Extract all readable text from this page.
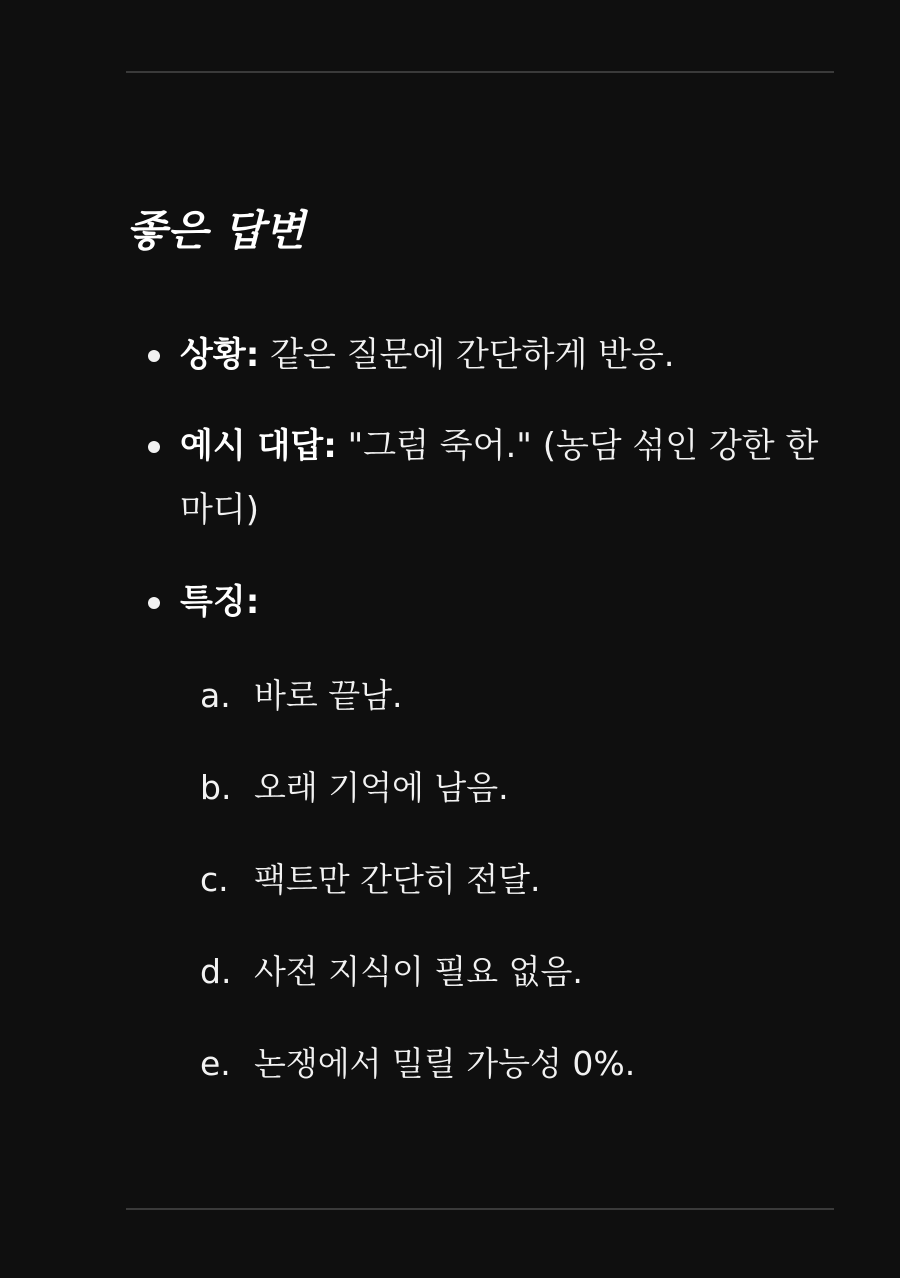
좋은 답변
상황: 같은 질문에 간단하게 반응.
예시 대답: "그럼 죽어." (농담 섞인 강한 한마디)
특징:
a. 바로 끝남.
b. 오래 기억에 남음.
c. 팩트만 간단히 전달.
d. 사전 지식이 필요 없음.
e. 논쟁에서 밀릴 가능성 0%.
